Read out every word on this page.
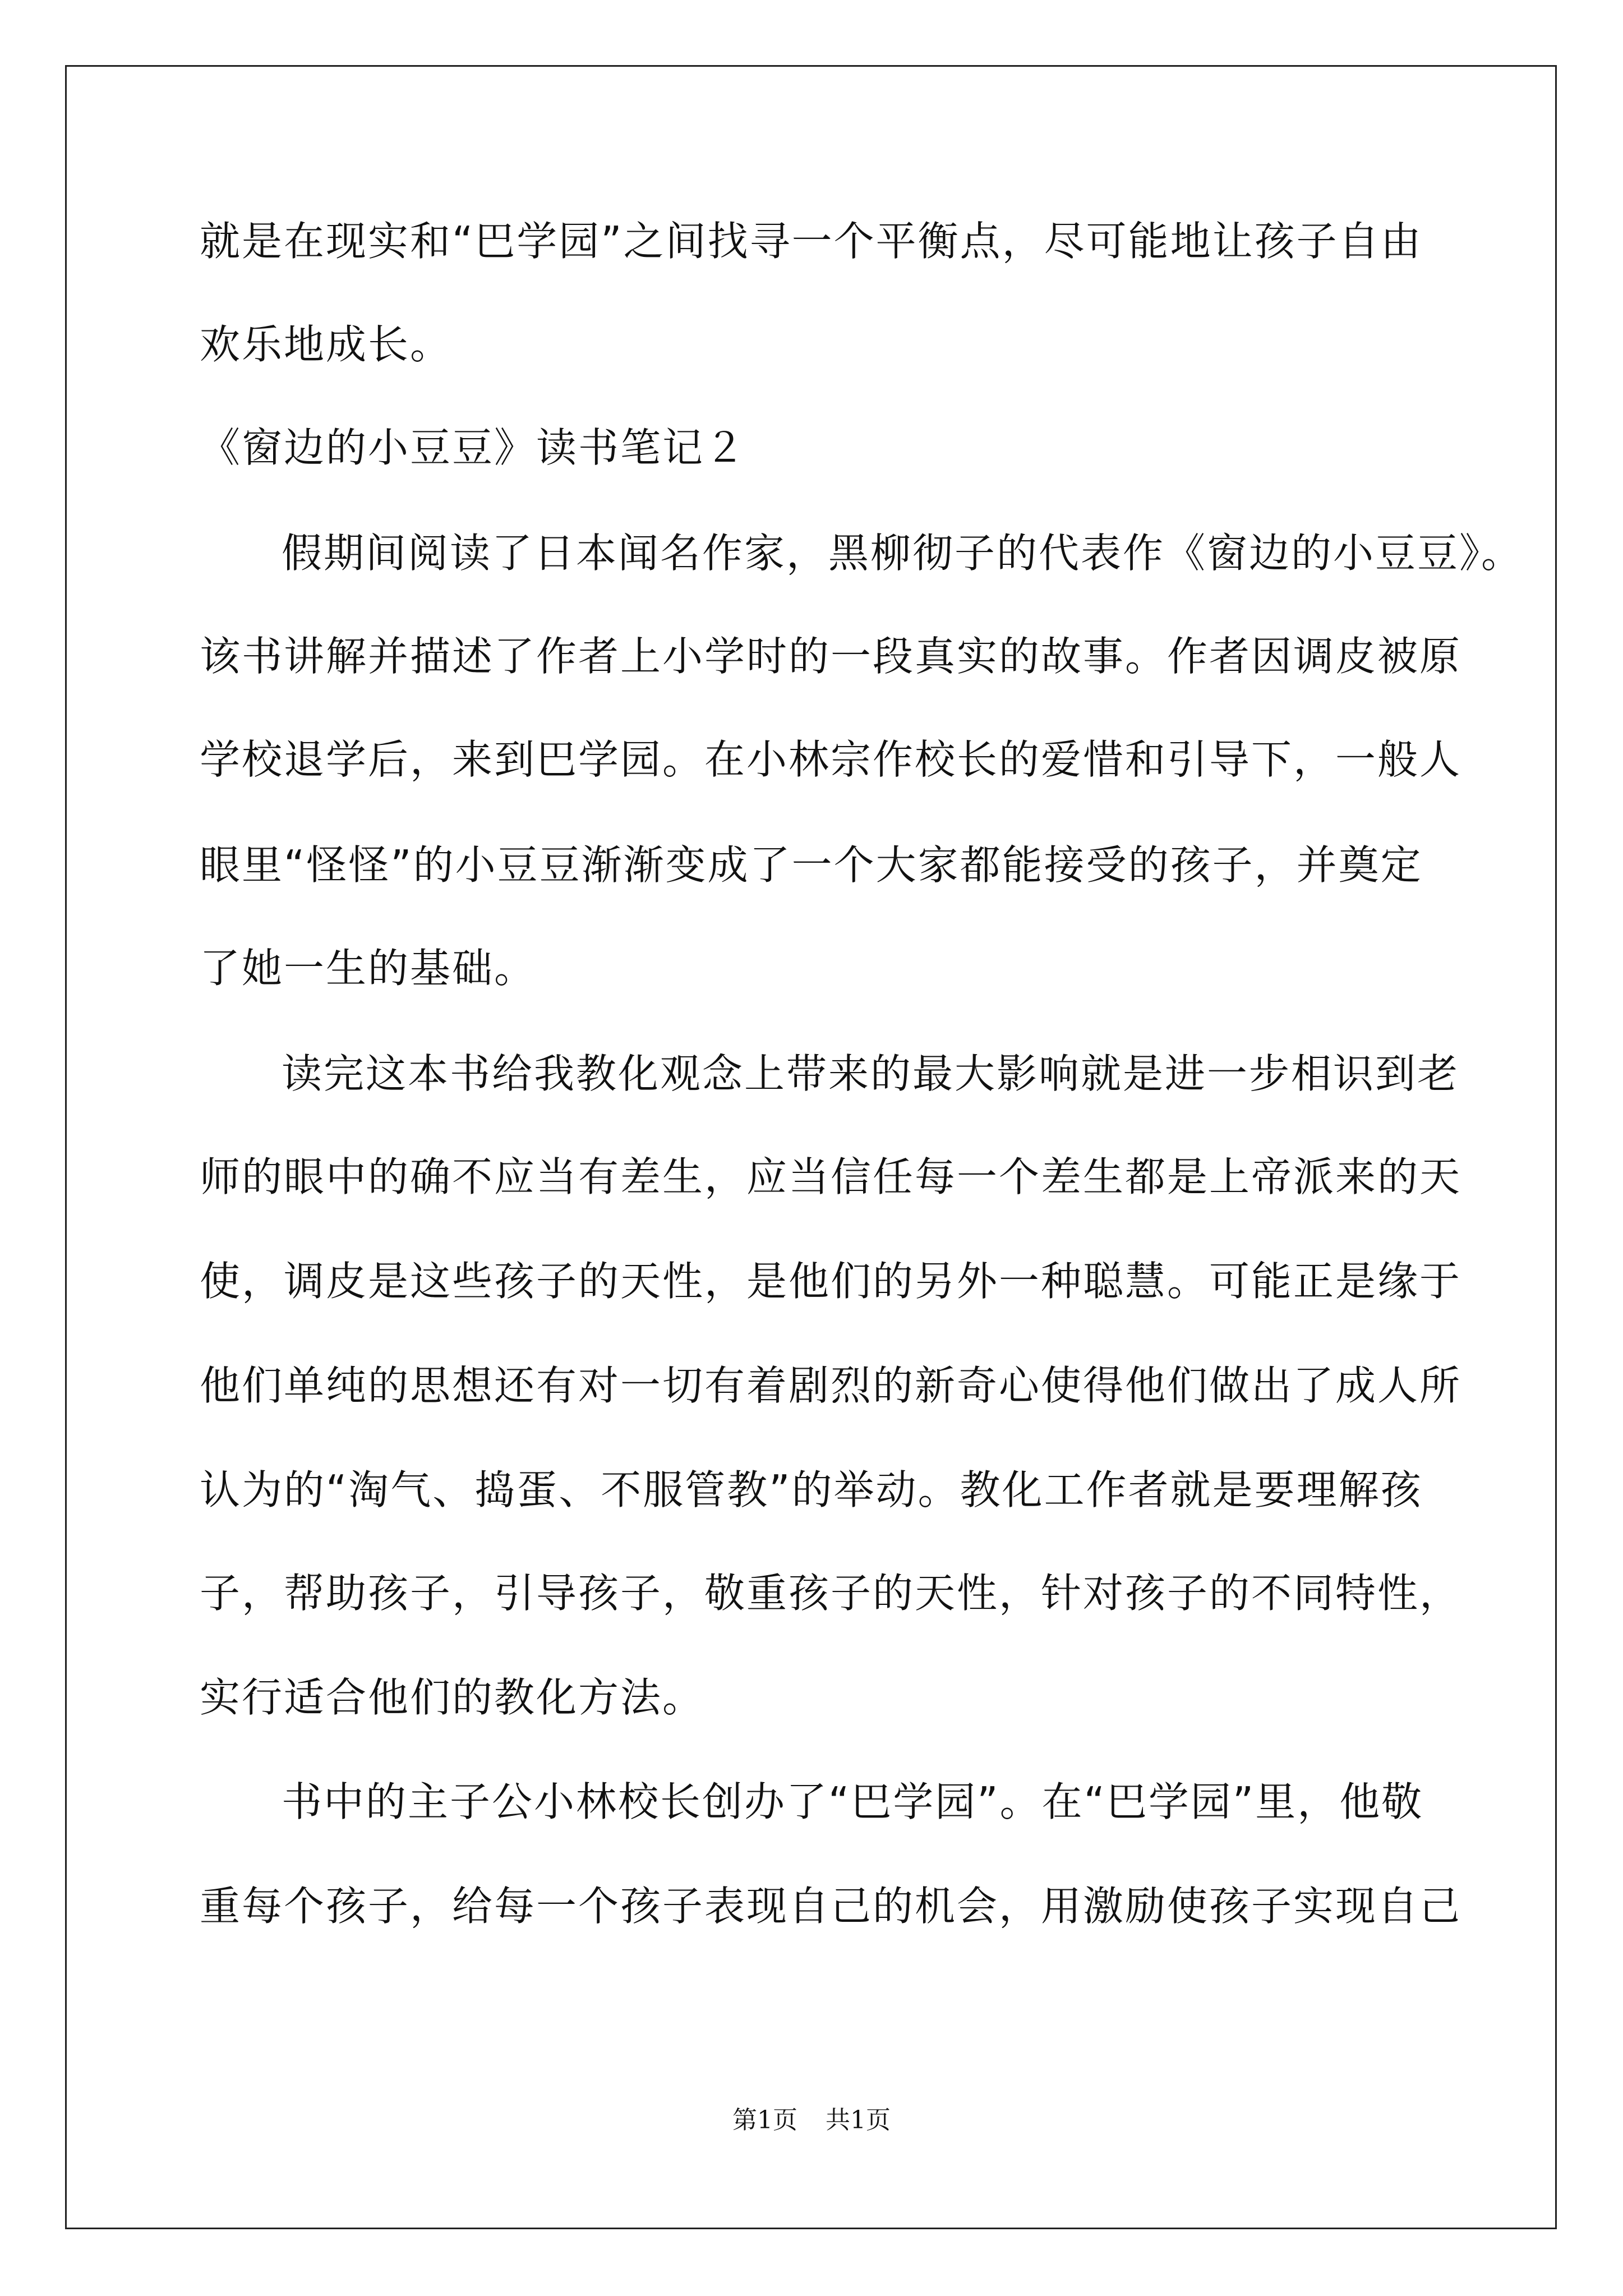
就是在现实和“巴学园”之间找寻一个平衡点，尽可能地让孩子自由
欢乐地成长。
《窗边的小豆豆》读书笔记２
假期间阅读了日本闻名作家，黑柳彻子的代表作《窗边的小豆豆》。
该书讲解并描述了作者上小学时的一段真实的故事。作者因调皮被原
学校退学后，来到巴学园。在小林宗作校长的爱惜和引导下，一般人
眼里“怪怪”的小豆豆渐渐变成了一个大家都能接受的孩子，并奠定
了她一生的基础。
读完这本书给我教化观念上带来的最大影响就是进一步相识到老
师的眼中的确不应当有差生，应当信任每一个差生都是上帝派来的天
使，调皮是这些孩子的天性，是他们的另外一种聪慧。可能正是缘于
他们单纯的思想还有对一切有着剧烈的新奇心使得他们做出了成人所
认为的“淘气、捣蛋、不服管教”的举动。教化工作者就是要理解孩
子，帮助孩子，引导孩子，敬重孩子的天性，针对孩子的不同特性，
实行适合他们的教化方法。
书中的主子公小林校长创办了“巴学园”。在“巴学园”里，他敬
重每个孩子，给每一个孩子表现自己的机会，用激励使孩子实现自己
第1页 共1页
